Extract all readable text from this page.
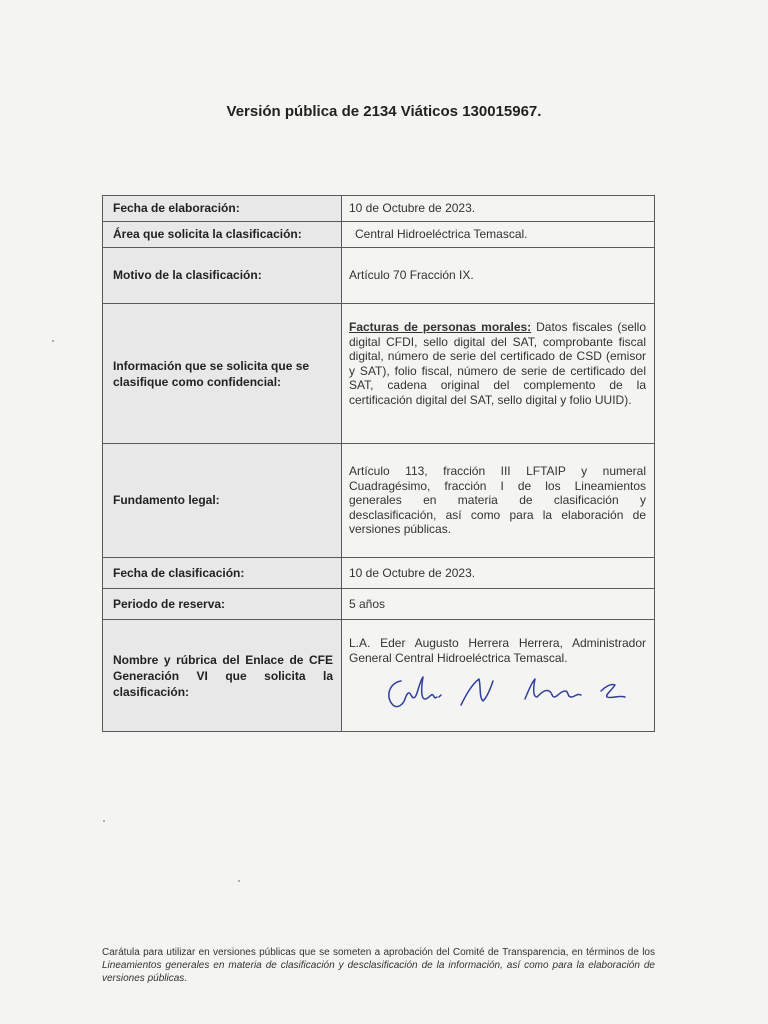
Versión pública de 2134 Viáticos 130015967.
Fecha de elaboración:	10 de Octubre de 2023.
Área que solicita la clasificación:	Central Hidroeléctrica Temascal.
Motivo de la clasificación:	Artículo 70 Fracción IX.
Información que se solicita que se clasifique como confidencial:	Facturas de personas morales: Datos fiscales (sello digital CFDI, sello digital del SAT, comprobante fiscal digital, número de serie del certificado de CSD (emisor y SAT), folio fiscal, número de serie de certificado del SAT, cadena original del complemento de la certificación digital del SAT, sello digital y folio UUID).
Fundamento legal:	Artículo 113, fracción III LFTAIP y numeral Cuadragésimo, fracción I de los Lineamientos generales en materia de clasificación y desclasificación, así como para la elaboración de versiones públicas.
Fecha de clasificación:	10 de Octubre de 2023.
Periodo de reserva:	5 años
Nombre y rúbrica del Enlace de CFE Generación VI que solicita la clasificación:	L.A. Eder Augusto Herrera Herrera, Administrador General Central Hidroeléctrica Temascal.
Carátula para utilizar en versiones públicas que se someten a aprobación del Comité de Transparencia, en términos de los Lineamientos generales en materia de clasificación y desclasificación de la información, así como para la elaboración de versiones públicas.
